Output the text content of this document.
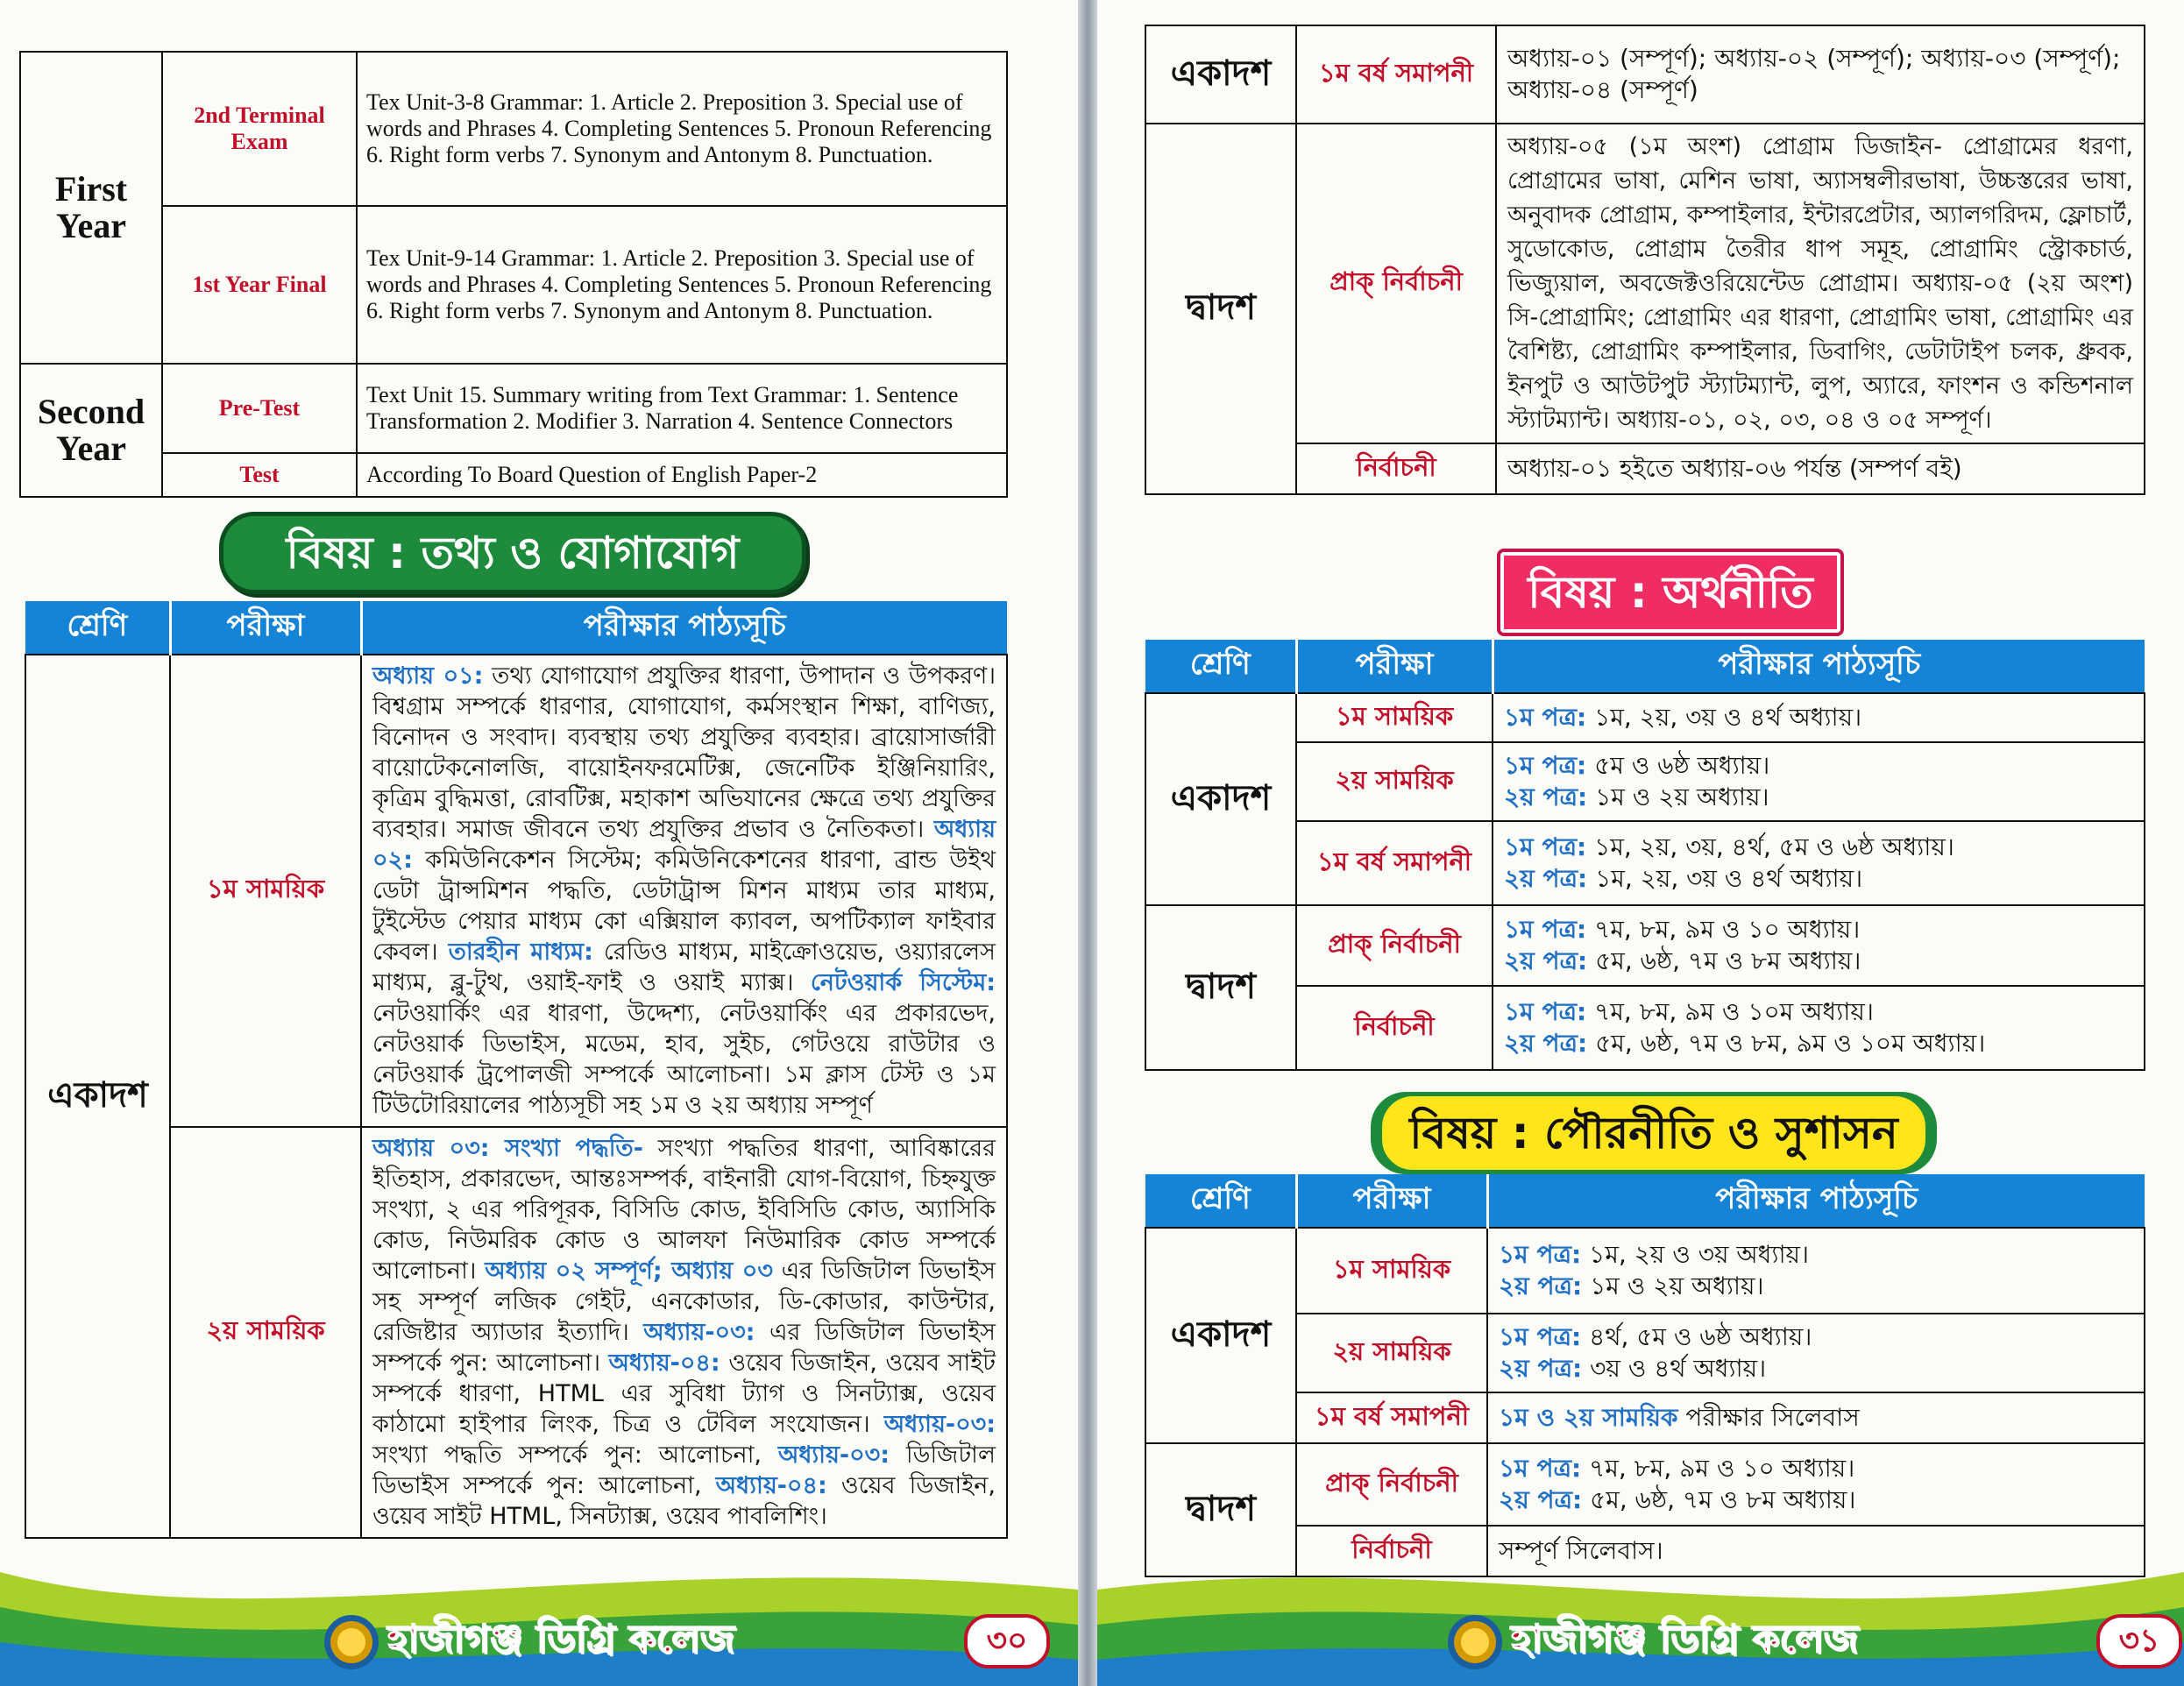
First Year	2nd Terminal Exam	Tex Unit-3-8 Grammar: 1. Article 2. Preposition 3. Special use of words and Phrases 4. Completing Sentences 5. Pronoun Referencing 6. Right form verbs 7. Synonym and Antonym 8. Punctuation.
	1st Year Final	Tex Unit-9-14 Grammar: 1. Article 2. Preposition 3. Special use of words and Phrases 4. Completing Sentences 5. Pronoun Referencing 6. Right form verbs 7. Synonym and Antonym 8. Punctuation.
Second Year	Pre-Test	Text Unit 15. Summary writing from Text Grammar: 1. Sentence Transformation 2. Modifier 3. Narration 4. Sentence Connectors
	Test	According To Board Question of English Paper-2
বিষয় : তথ্য ও যোগাযোগ
শ্রেণি	পরীক্ষা	পরীক্ষার পাঠ্যসূচি
একাদশ	১ম সাময়িক	অধ্যায় ০১: তথ্য যোগাযোগ প্রযুক্তির ধারণা, উপাদান ও উপকরণ। বিশ্বগ্রাম সম্পর্কে ধারণার, যোগাযোগ, কর্মসংস্থান শিক্ষা, বাণিজ্য, বিনোদন ও সংবাদ। ব্যবস্থায় তথ্য প্রযুক্তির ব্যবহার। ব্রায়োসার্জারী বায়োটেকনোলজি, বায়োইনফরমেটিক্স, জেনেটিক ইঞ্জিনিয়ারিং, কৃত্রিম বুদ্ধিমত্তা, রোবটিক্স, মহাকাশ অভিযানের ক্ষেত্রে তথ্য প্রযুক্তির ব্যবহার। সমাজ জীবনে তথ্য প্রযুক্তির প্রভাব ও নৈতিকতা। অধ্যায় ০২: কমিউনিকেশন সিস্টেম; কমিউনিকেশনের ধারণা, ব্রান্ড উইথ ডেটা ট্রান্সমিশন পদ্ধতি, ডেটাট্রান্স মিশন মাধ্যম তার মাধ্যম, টুইস্টেড পেয়ার মাধ্যম কো এক্সিয়াল ক্যাবল, অপটিক্যাল ফাইবার কেবল। তারহীন মাধ্যম: রেডিও মাধ্যম, মাইক্রোওয়েভ, ওয়্যারলেস মাধ্যম, ব্লু-টুথ, ওয়াই-ফাই ও ওয়াই ম্যাক্স। নেটওয়ার্ক সিস্টেম: নেটওয়ার্কিং এর ধারণা, উদ্দেশ্য, নেটওয়ার্কিং এর প্রকারভেদ, নেটওয়ার্ক ডিভাইস, মডেম, হাব, সুইচ, গেটওয়ে রাউটার ও নেটওয়ার্ক ট্রপোলজী সম্পর্কে আলোচনা। ১ম ক্লাস টেস্ট ও ১ম টিউটোরিয়ালের পাঠ্যসূচী সহ ১ম ও ২য় অধ্যায় সম্পূর্ণ
	২য় সাময়িক	অধ্যায় ০৩: সংখ্যা পদ্ধতি- সংখ্যা পদ্ধতির ধারণা, আবিষ্কারের ইতিহাস, প্রকারভেদ, আন্তঃসম্পর্ক, বাইনারী যোগ-বিয়োগ, চিহ্নযুক্ত সংখ্যা, ২ এর পরিপূরক, বিসিডি কোড, ইবিসিডি কোড, অ্যাসিকি কোড, নিউমরিক কোড ও আলফা নিউমারিক কোড সম্পর্কে আলোচনা। অধ্যায় ০২ সম্পূর্ণ; অধ্যায় ০৩ এর ডিজিটাল ডিভাইস সহ সম্পূর্ণ লজিক গেইট, এনকোডার, ডি-কোডার, কাউন্টার, রেজিষ্টার অ্যাডার ইত্যাদি। অধ্যায়-০৩: এর ডিজিটাল ডিভাইস সম্পর্কে পুন: আলোচনা। অধ্যায়-০৪: ওয়েব ডিজাইন, ওয়েব সাইট সম্পর্কে ধারণা, HTML এর সুবিধা ট্যাগ ও সিনট্যাক্স, ওয়েব কাঠামো হাইপার লিংক, চিত্র ও টেবিল সংযোজন। অধ্যায়-০৩: সংখ্যা পদ্ধতি সম্পর্কে পুন: আলোচনা, অধ্যায়-০৩: ডিজিটাল ডিভাইস সম্পর্কে পুন: আলোচনা, অধ্যায়-০৪: ওয়েব ডিজাইন, ওয়েব সাইট HTML, সিনট্যাক্স, ওয়েব পাবলিশিং।
হাজীগঞ্জ ডিগ্রি কলেজ	৩০
একাদশ	১ম বর্ষ সমাপনী	অধ্যায়-০১ (সম্পূর্ণ); অধ্যায়-০২ (সম্পূর্ণ); অধ্যায়-০৩ (সম্পূর্ণ); অধ্যায়-০৪ (সম্পূর্ণ)
দ্বাদশ	প্রাক্ নির্বাচনী	অধ্যায়-০৫ (১ম অংশ) প্রোগ্রাম ডিজাইন- প্রোগ্রামের ধরণা, প্রোগ্রামের ভাষা, মেশিন ভাষা, অ্যাসম্বলীরভাষা, উচ্চস্তরের ভাষা, অনুবাদক প্রোগ্রাম, কম্পাইলার, ইন্টারপ্রেটার, অ্যালগরিদম, ফ্লোচার্ট, সুডোকোড, প্রোগ্রাম তৈরীর ধাপ সমূহ, প্রোগ্রামিং স্ট্রোকচার্ড, ভিজ্যুয়াল, অবজেক্টওরিয়েন্টেড প্রোগ্রাম। অধ্যায়-০৫ (২য় অংশ) সি-প্রোগ্রামিং; প্রোগ্রামিং এর ধারণা, প্রোগ্রামিং ভাষা, প্রোগ্রামিং এর বৈশিষ্ট্য, প্রোগ্রামিং কম্পাইলার, ডিবাগিং, ডেটাটাইপ চলক, ধ্রুবক, ইনপুট ও আউটপুট স্ট্যাটম্যান্ট, লুপ, অ্যারে, ফাংশন ও কন্ডিশনাল স্ট্যাটম্যান্ট। অধ্যায়-০১, ০২, ০৩, ০৪ ও ০৫ সম্পূর্ণ।
	নির্বাচনী	অধ্যায়-০১ হইতে অধ্যায়-০৬ পর্যন্ত (সম্পর্ণ বই)
বিষয় : অর্থনীতি
শ্রেণি	পরীক্ষা	পরীক্ষার পাঠ্যসূচি
একাদশ	১ম সাময়িক	১ম পত্র: ১ম, ২য়, ৩য় ও ৪র্থ অধ্যায়।
	২য় সাময়িক	১ম পত্র: ৫ম ও ৬ষ্ঠ অধ্যায়।
২য় পত্র: ১ম ও ২য় অধ্যায়।
	১ম বর্ষ সমাপনী	১ম পত্র: ১ম, ২য়, ৩য়, ৪র্থ, ৫ম ও ৬ষ্ঠ অধ্যায়।
২য় পত্র: ১ম, ২য়, ৩য় ও ৪র্থ অধ্যায়।
দ্বাদশ	প্রাক্ নির্বাচনী	১ম পত্র: ৭ম, ৮ম, ৯ম ও ১০ অধ্যায়।
২য় পত্র: ৫ম, ৬ষ্ঠ, ৭ম ও ৮ম অধ্যায়।
	নির্বাচনী	১ম পত্র: ৭ম, ৮ম, ৯ম ও ১০ম অধ্যায়।
২য় পত্র: ৫ম, ৬ষ্ঠ, ৭ম ও ৮ম, ৯ম ও ১০ম অধ্যায়।
বিষয় : পৌরনীতি ও সুশাসন
শ্রেণি	পরীক্ষা	পরীক্ষার পাঠ্যসূচি
একাদশ	১ম সাময়িক	১ম পত্র: ১ম, ২য় ও ৩য় অধ্যায়।
২য় পত্র: ১ম ও ২য় অধ্যায়।
	২য় সাময়িক	১ম পত্র: ৪র্থ, ৫ম ও ৬ষ্ঠ অধ্যায়।
২য় পত্র: ৩য় ও ৪র্থ অধ্যায়।
	১ম বর্ষ সমাপনী	১ম ও ২য় সাময়িক পরীক্ষার সিলেবাস
দ্বাদশ	প্রাক্ নির্বাচনী	১ম পত্র: ৭ম, ৮ম, ৯ম ও ১০ অধ্যায়।
২য় পত্র: ৫ম, ৬ষ্ঠ, ৭ম ও ৮ম অধ্যায়।
	নির্বাচনী	সম্পূর্ণ সিলেবাস।
হাজীগঞ্জ ডিগ্রি কলেজ	৩১
